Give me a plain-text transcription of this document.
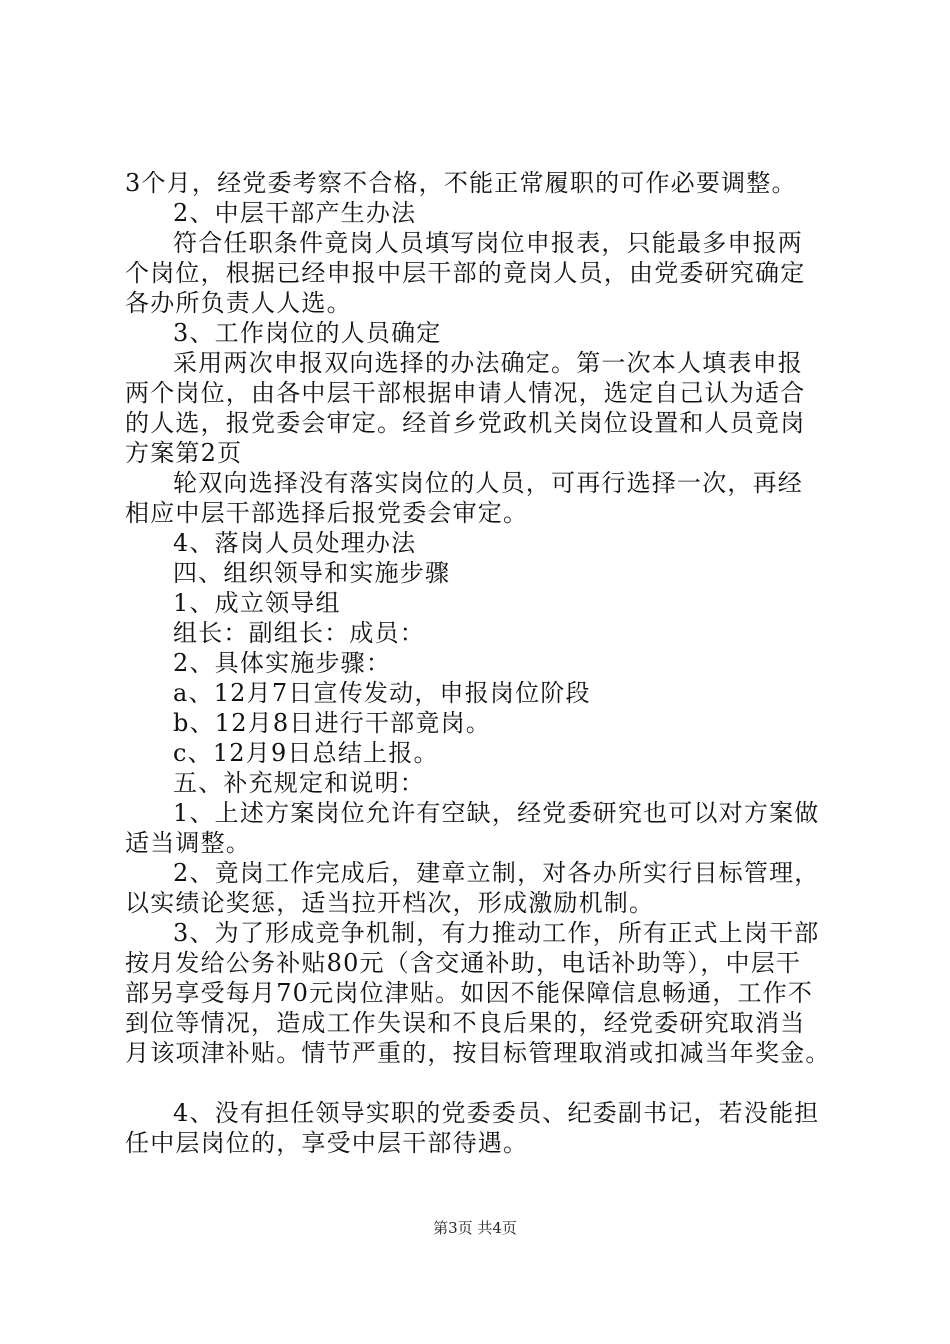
3个月，经党委考察不合格，不能正常履职的可作必要调整。
2、中层干部产生办法
符合任职条件竟岗人员填写岗位申报表，只能最多申报两
个岗位，根据已经申报中层干部的竟岗人员，由党委研究确定
各办所负责人人选。
3、工作岗位的人员确定
采用两次申报双向选择的办法确定。第一次本人填表申报
两个岗位，由各中层干部根据申请人情况，选定自己认为适合
的人选，报党委会审定。经首乡党政机关岗位设置和人员竟岗
方案第2页
轮双向选择没有落实岗位的人员，可再行选择一次，再经
相应中层干部选择后报党委会审定。
4、落岗人员处理办法
四、组织领导和实施步骤
1、成立领导组
组长：副组长：成员：
2、具体实施步骤：
a、12月7日宣传发动，申报岗位阶段
b、12月8日进行干部竟岗。
c、12月9日总结上报。
五、补充规定和说明：
1、上述方案岗位允许有空缺，经党委研究也可以对方案做
适当调整。
2、竟岗工作完成后，建章立制，对各办所实行目标管理，
以实绩论奖惩，适当拉开档次，形成激励机制。
3、为了形成竞争机制，有力推动工作，所有正式上岗干部
按月发给公务补贴80元（含交通补助，电话补助等），中层干
部另享受每月70元岗位津贴。如因不能保障信息畅通，工作不
到位等情况，造成工作失误和不良后果的，经党委研究取消当
月该项津补贴。情节严重的，按目标管理取消或扣减当年奖金。
4、没有担任领导实职的党委委员、纪委副书记，若没能担
任中层岗位的，享受中层干部待遇。
第3页 共4页
